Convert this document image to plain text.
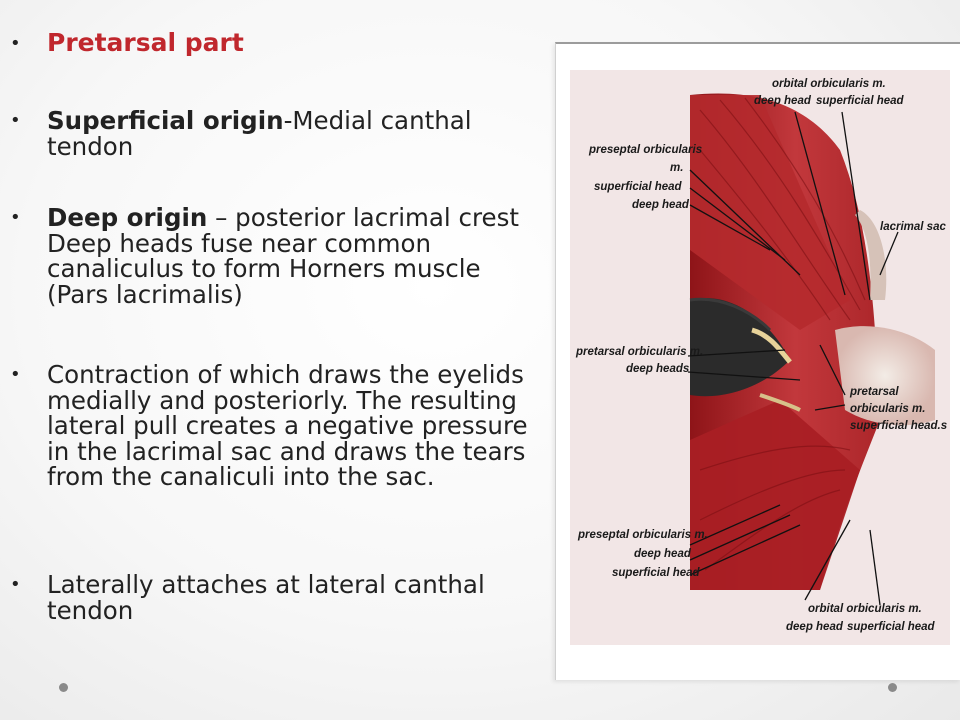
• Pretarsal part
• Superficial origin-Medial canthal tendon
• Deep origin – posterior lacrimal crest Deep heads fuse near common canaliculus to form Horners muscle (Pars lacrimalis)
• Contraction of which draws the eyelids medially and posteriorly. The resulting lateral pull creates a negative pressure in the lacrimal sac and draws the tears from the canaliculi into the sac.
• Laterally attaches at lateral canthal tendon
orbital orbicularis m.
deep head superficial head
preseptal orbicularis
m.
superficial head
deep head
lacrimal sac
pretarsal orbicularis m.
deep heads
pretarsal
orbicularis m.
superficial head.s
preseptal orbicularis m.
deep head
superficial head
orbital orbicularis m.
deep head superficial head
